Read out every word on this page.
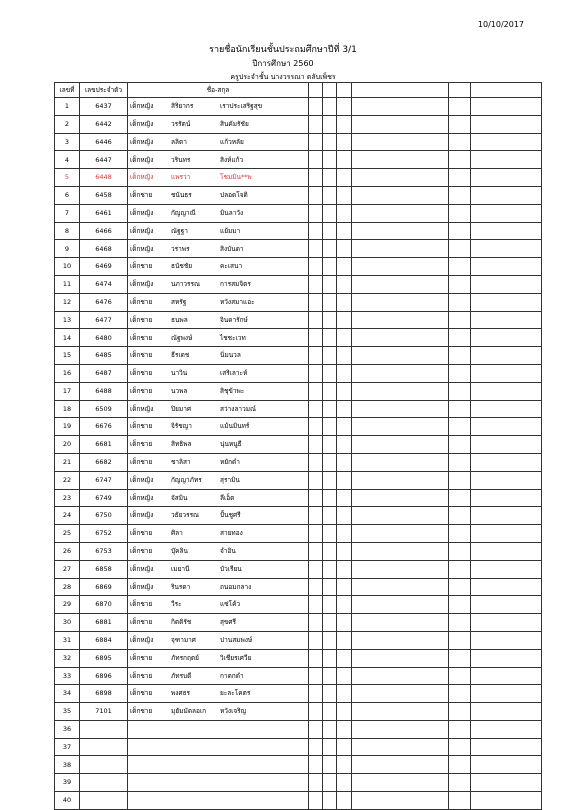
10/10/2017
รายชื่อนักเรียนชั้นประถมศึกษาปีที่ 3/1
ปีการศึกษา 2560
ครูประจำชั้น นางวรรณา ตลับเพ็ชร
เลขที่	เลขประจำตัว	ชื่อ-สกุล						
1	6437	เด็กหญิง สิริยากร เราประเสริฐสุข						
2	6442	เด็กหญิง วรรัตน์ สินคัมรัชัย						
3	6446	เด็กหญิง ลลิตา แก้วหลัย						
4	6447	เด็กหญิง วรินทร สิงห์แก้ว						
5	6448	เด็กหญิง แพรวา โชมมิน**พ						
6	6458	เด็กชาย ชนันธร ปลอดโจติ						
7	6461	เด็กหญิง กัญญาณี มินลาวัง						
8	6466	เด็กหญิง ณัฐฐา แย้มมา						
9	6468	เด็กหญิง วราพร สิงบันดา						
10	6469	เด็กชาย ธนัชชัย คะเสนา						
11	6474	เด็กหญิง นภาวรรณ การสมจิตร						
12	6476	เด็กชาย สหรัฐ หวังสมาแอะ						
13	6477	เด็กชาย ธนพล จินดารักษ์						
14	6480	เด็กชาย ณัฐพงษ์ ไชชะเวท						
15	6485	เด็กชาย ธีรเดช นิ่มนวล						
16	6487	เด็กชาย นาวิน เสริเลาะห์						
17	6488	เด็กชาย นวพล สิชุข้าพะ						
18	6509	เด็กหญิง ปิยมาศ สว่างลาวมณ์						
19	6676	เด็กชาย จิรัชญา แม้นมินทร์						
20	6681	เด็กชาย สิทธิพล นุ่นหนูธี						
21	6682	เด็กชาย ชาลิสา หยักดำ						
22	6747	เด็กหญิง กัญญาภัทร สุรามิน						
23	6749	เด็กหญิง จัสมิน ลีเอ็ต						
24	6750	เด็กหญิง วธัยวรรณ ปั้นชูศรี						
25	6752	เด็กชาย ศิลา สายทอง						
26	6753	เด็กชาย บุ๊คลิน จำอิน						
27	6858	เด็กหญิง เมยานี บัวเรียน						
28	6869	เด็กหญิง รินรดา ถนอมกลาง						
29	6870	เด็กชาย วีระ แซ่โค้ว						
30	6881	เด็กชาย กิตติรัช สุขศรี						
31	6884	เด็กหญิง จุฑามาศ ปานสมพงษ์						
32	6895	เด็กชาย ภัทรกฤตย์ วิเชียรเศวีย						
33	6896	เด็กชาย ภัทรบดี กาดกดำ						
34	6898	เด็กชาย พงศธร ยะละโคตร						
35	7101	เด็กชาย มุฮัมมัดลอเก หวังเจริญ						
36								
37								
38								
39								
40								
